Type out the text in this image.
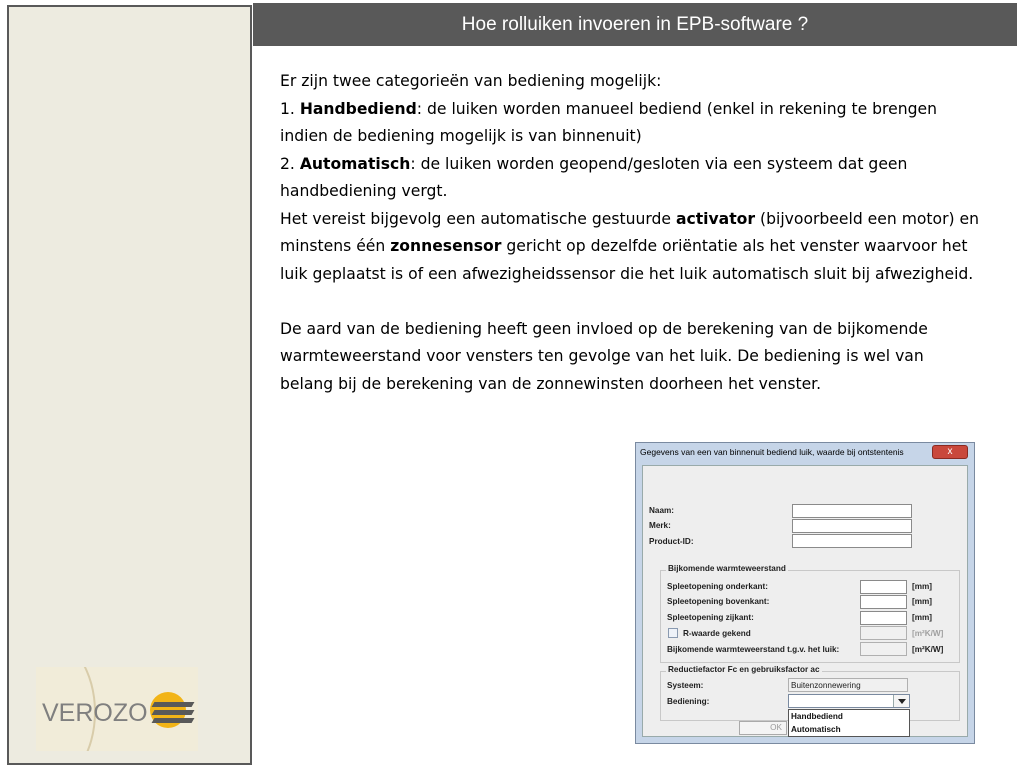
VEROZO
Hoe rolluiken invoeren in EPB-software ?

Er zijn twee categorieën van bediening mogelijk:

1. Handbediend: de luiken worden manueel bediend (enkel in rekening te brengen indien de bediening mogelijk is van binnenuit)

2. Automatisch: de luiken worden geopend/gesloten via een systeem dat geen handbediening vergt.

Het vereist bijgevolg een automatische gestuurde activator (bijvoorbeeld een motor) en minstens één zonnesensor gericht op dezelfde oriëntatie als het venster waarvoor het luik geplaatst is of een afwezigheidssensor die het luik automatisch sluit bij afwezigheid.

De aard van de bediening heeft geen invloed op de berekening van de bijkomende warmteweerstand voor vensters ten gevolge van het luik. De bediening is wel van belang bij de berekening van de zonnewinsten doorheen het venster.

Gegevens van een van binnenuit bediend luik, waarde bij ontstentenis	x
Naam:
Merk:
Product-ID:
Bijkomende warmteweerstand
Spleetopening onderkant:	[mm]
Spleetopening bovenkant:	[mm]
Spleetopening zijkant:	[mm]
R-waarde gekend	[m²K/W]
Bijkomende warmteweerstand t.g.v. het luik:	[m²K/W]
Reductiefactor Fc en gebruiksfactor ac
Systeem:	Buitenzonnewering
Bediening:
Handbediend
Automatisch
OK
